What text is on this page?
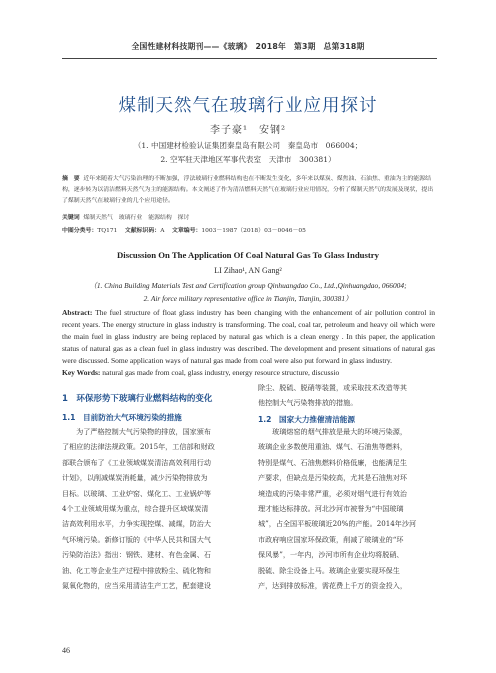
全国性建材科技期刊——《玻璃》　2018年　第3期　总第318期
煤制天然气在玻璃行业应用探讨
李子豪¹　安钢²
（1. 中国建材检验认证集团秦皇岛有限公司　秦皇岛市　066004；
2. 空军驻天津地区军事代表室　天津市　300381）
摘　要 近年来随着大气污染治理的不断加强，浮法玻璃行业燃料结构也在不断发生变化，多年来以煤炭、煤焦油、石油焦、重油为主的能源结构，逐步转为以清洁燃料天然气为主的能源结构。本文阐述了作为清洁燃料天然气在玻璃行业应用情况，分析了煤制天然气的发展及现状，提出了煤制天然气在玻璃行业的几个应用途径。
关键词 煤制天然气　玻璃行业　能源结构　探讨
中图分类号：TQ171 文献标识码：A 文章编号：1003－1987（2018）03－0046－05
Discussion On The Application Of Coal Natural Gas To Glass Industry
LI Zihao¹, AN Gang²
（1. China Building Materials Test and Certification group Qinhuangdao Co., Ltd.,Qinhuangdao, 066004;
2. Air force military representative office in Tianjin, Tianjin, 300381）
Abstract: The fuel structure of float glass industry has been changing with the enhancement of air pollution control in recent years. The energy structure in glass industry is transforming. The coal, coal tar, petroleum and heavy oil which were the main fuel in glass industry are being replaced by natural gas which is a clean energy . In this paper, the application status of natural gas as a clean fuel in glass industry was described. The development and present situations of natural gas were discussed. Some application ways of natural gas made from coal were also put forward in glass industry.
Key Words: natural gas made from coal, glass industry, energy resource structure, discussio
1　环保形势下玻璃行业燃料结构的变化
1.1　目前防治大气环境污染的措施
　　为了严格控制大气污染物的排放，国家颁布
了相应的法律法规政策。2015年，工信部和财政
部联合颁布了《工业领域煤炭清洁高效利用行动
计划》，以削减煤炭消耗量，减少污染物排放为
目标。以玻璃、工业炉窑、煤化工、工业锅炉等
4个工业领域用煤为重点，综合提升区域煤炭清
洁高效利用水平，力争实现控煤、减煤，防治大
气环境污染。新修订版的《中华人民共和国大气
污染防治法》指出：钢铁、建材、有色金属、石
油、化工等企业生产过程中排放粉尘、硫化物和
氮氧化物的，应当采用清洁生产工艺，配套建设
除尘、脱硫、脱硝等装置，或采取技术改造等其
他控制大气污染物排放的措施。
1.2　国家大力推催清洁能源
　　玻璃熔窑的烟气排放是最大的环境污染源，
玻璃企业多数使用重油、煤气、石油焦等燃料，
特别是煤气、石油焦燃料价格低廉，也能满足生
产要求，但缺点是污染较高，尤其是石油焦对环
境造成的污染非常严重，必须对烟气进行有效治
理才能达标排放。河北沙河市被誉为“中国玻璃
城”，占全国平板玻璃近20%的产能。2014年沙河
市政府响应国家环保政策，削减了玻璃业的“环
保风暴”，一年内，沙河市所有企业均将脱硝、
脱硫、除尘设备上马。玻璃企业要实现环保生
产，达到排放标准，需花费上千万的资金投入，
46
